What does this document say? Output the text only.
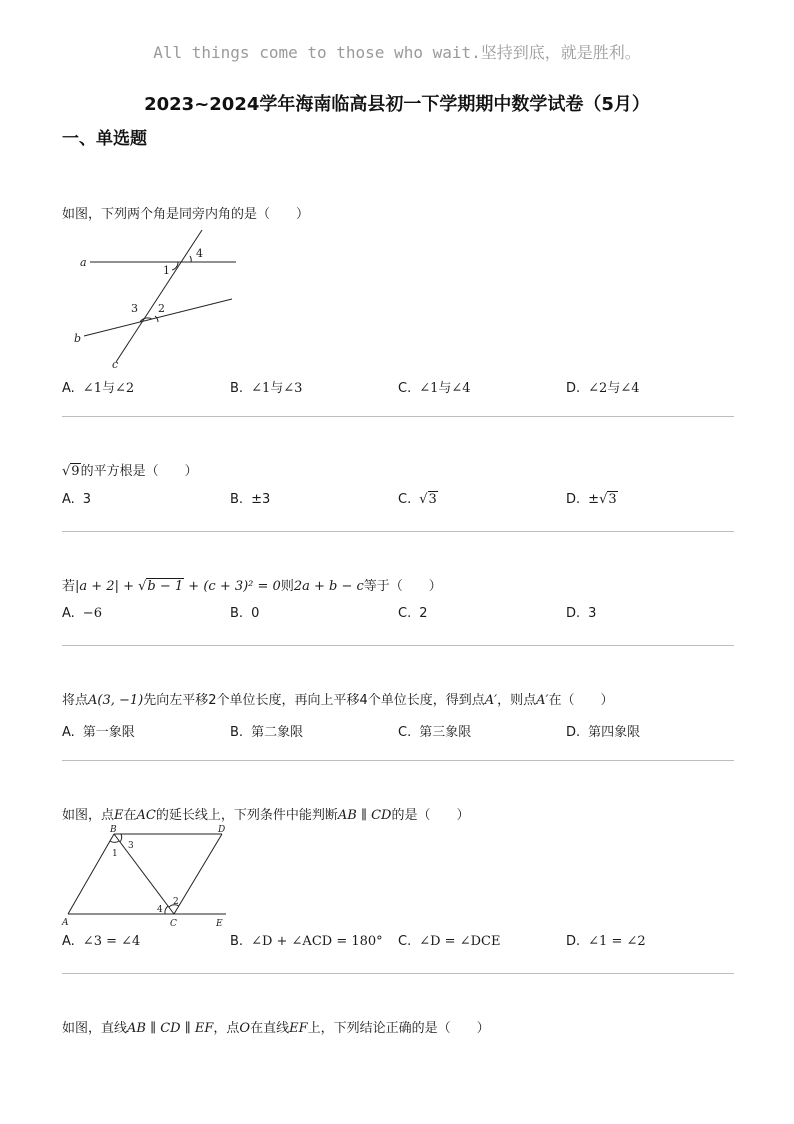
All things come to those who wait.坚持到底，就是胜利。
2023~2024学年海南临高县初一下学期期中数学试卷（5月）
一、单选题
如图，下列两个角是同旁内角的是（　　）
a
b
c
1
4
3 2
A. ∠1与∠2	B. ∠1与∠3	C. ∠1与∠4	D. ∠2与∠4
√9的平方根是（　　）
A. 3	B. ±3	C. √3	D. ±√3
若|a + 2| + √b − 1 + (c + 3)² = 0则2a + b − c等于（　　）
A. −6	B. 0	C. 2	D. 3
将点A(3, −1)先向左平移2个单位长度，再向上平移4个单位长度，得到点A′，则点A′在（　　）
A. 第一象限	B. 第二象限	C. 第三象限	D. 第四象限
如图，点E在AC的延长线上，下列条件中能判断AB ∥ CD的是（　　）
A
B
C
D
E
1
3
4
2
A. ∠3 = ∠4	B. ∠D + ∠ACD = 180° C. ∠D = ∠DCE	D. ∠1 = ∠2
如图，直线AB ∥ CD ∥ EF，点O在直线EF上，下列结论正确的是（　　）
